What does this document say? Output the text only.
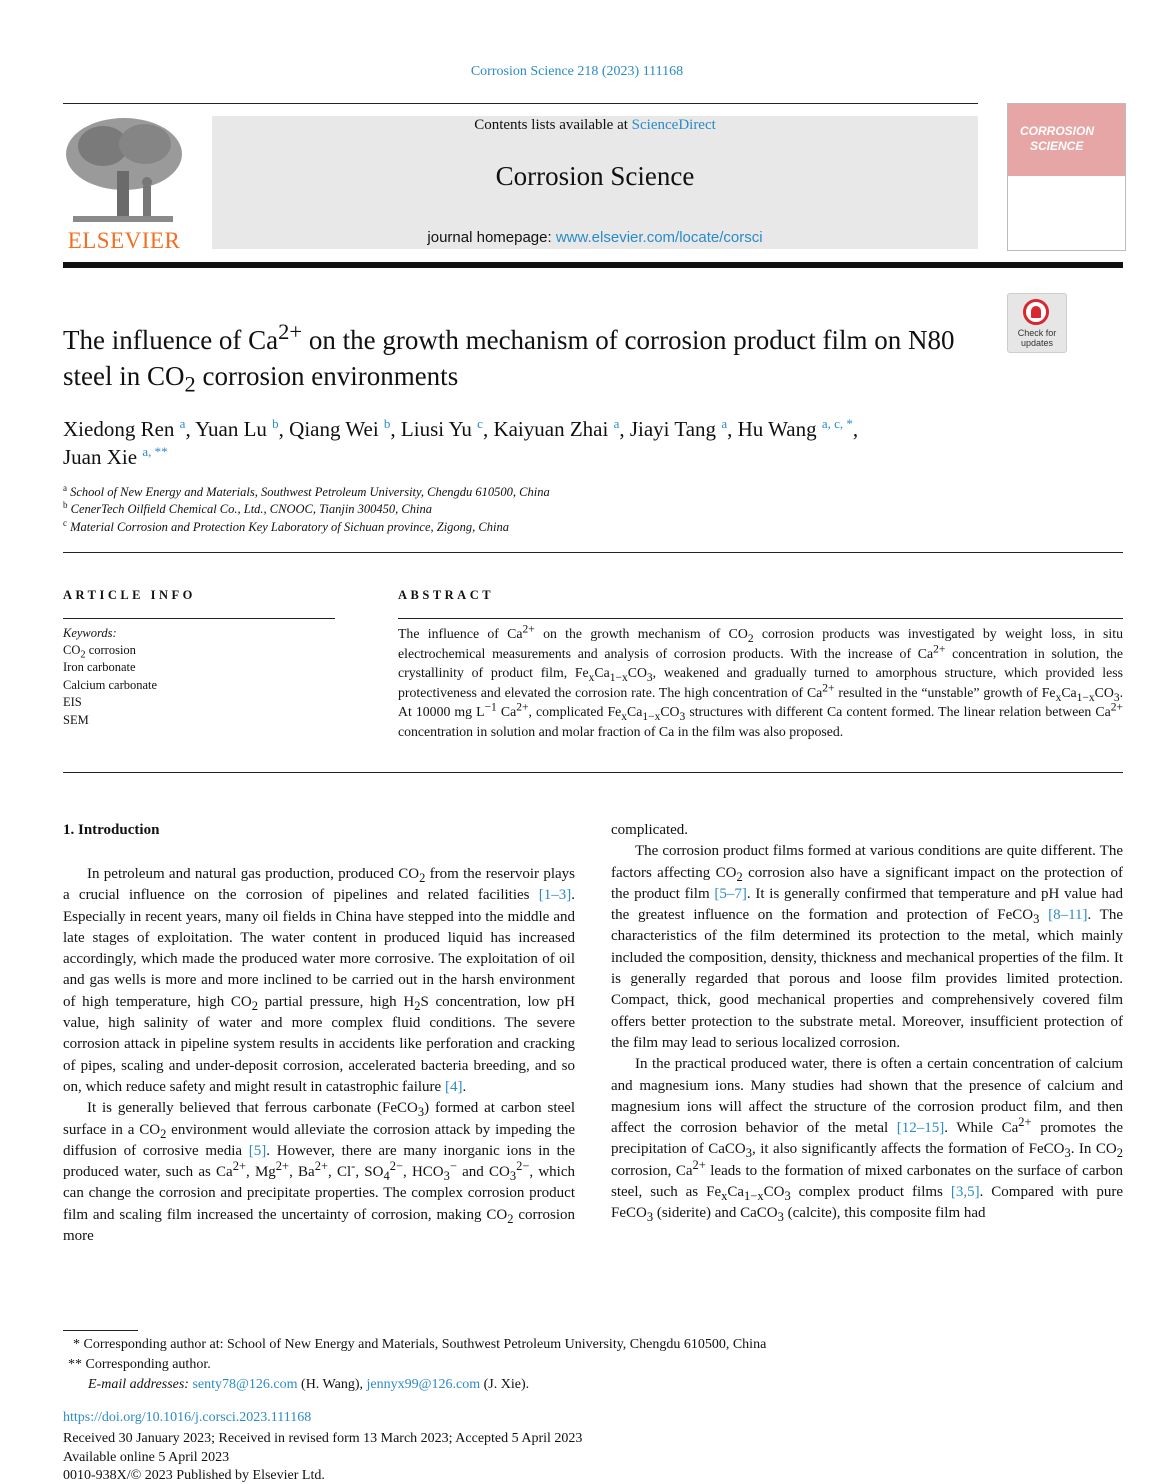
Corrosion Science 218 (2023) 111168
ELSEVIER
Contents lists available at ScienceDirect
Corrosion Science
journal homepage: www.elsevier.com/locate/corsci
CORROSION
SCIENCE
Check for
updates
The influence of $Ca^{2+}$ on the growth mechanism of corrosion product film on N80 steel in $CO_2$ corrosion environments
Xiedong Ren $^a$, Yuan Lu $^b$, Qiang Wei $^b$, Liusi Yu $^c$, Kaiyuan Zhai $^a$, Jiayi Tang $^a$, Hu Wang $^{a, c, *}$,
Juan Xie $^{a, **}$
$^a$ School of New Energy and Materials, Southwest Petroleum University, Chengdu 610500, China
$^b$ CenerTech Oilfield Chemical Co., Ltd., CNOOC, Tianjin 300450, China
$^c$ Material Corrosion and Protection Key Laboratory of Sichuan province, Zigong, China
ARTICLE INFO	ABSTRACT
Keywords:
$CO_2$ corrosion
Iron carbonate
Calcium carbonate
EIS
SEM
The influence of $Ca^{2+}$ on the growth mechanism of $CO_2$ corrosion products was investigated by weight loss, in situ electrochemical measurements and analysis of corrosion products. With the increase of $Ca^{2+}$ concentration in solution, the crystallinity of product film, $Fe_xCa_{1-x}CO_3$, weakened and gradually turned to amorphous structure, which provided less protectiveness and elevated the corrosion rate. The high concentration of $Ca^{2+}$ resulted in the “unstable” growth of $Fe_xCa_{1-x}CO_3$. At 10000 mg $L^{-1}$ $Ca^{2+}$, complicated $Fe_xCa_{1-x}CO_3$ structures with different Ca content formed. The linear relation between $Ca^{2+}$ concentration in solution and molar fraction of Ca in the film was also proposed.
1. Introduction

In petroleum and natural gas production, produced $CO_2$ from the reservoir plays a crucial influence on the corrosion of pipelines and related facilities [1–3]. Especially in recent years, many oil fields in China have stepped into the middle and late stages of exploitation. The water content in produced liquid has increased accordingly, which made the produced water more corrosive. The exploitation of oil and gas wells is more and more inclined to be carried out in the harsh environment of high temperature, high $CO_2$ partial pressure, high $H_2S$ concentration, low pH value, high salinity of water and more complex fluid conditions. The severe corrosion attack in pipeline system results in accidents like perforation and cracking of pipes, scaling and under-deposit corrosion, accelerated bacteria breeding, and so on, which reduce safety and might result in catastrophic failure [4].

It is generally believed that ferrous carbonate (FeCO$_3$) formed at carbon steel surface in a $CO_2$ environment would alleviate the corrosion attack by impeding the diffusion of corrosive media [5]. However, there are many inorganic ions in the produced water, such as $Ca^{2+}$, $Mg^{2+}$, $Ba^{2+}$, Cl-, $SO_4^{2-}$, $HCO_3^-$ and $CO_3^{2-}$, which can change the corrosion and precipitate properties. The complex corrosion product film and scaling film increased the uncertainty of corrosion, making $CO_2$ corrosion more

complicated.

The corrosion product films formed at various conditions are quite different. The factors affecting $CO_2$ corrosion also have a significant impact on the protection of the product film [5–7]. It is generally confirmed that temperature and pH value had the greatest influence on the formation and protection of FeCO$_3$ [8–11]. The characteristics of the film determined its protection to the metal, which mainly included the composition, density, thickness and mechanical properties of the film. It is generally regarded that porous and loose film provides limited protection. Compact, thick, good mechanical properties and comprehensively covered film offers better protection to the substrate metal. Moreover, insufficient protection of the film may lead to serious localized corrosion.

In the practical produced water, there is often a certain concentration of calcium and magnesium ions. Many studies had shown that the presence of calcium and magnesium ions will affect the structure of the corrosion product film, and then affect the corrosion behavior of the metal [12–15]. While $Ca^{2+}$ promotes the precipitation of CaCO$_3$, it also significantly affects the formation of FeCO$_3$. In $CO_2$ corrosion, $Ca^{2+}$ leads to the formation of mixed carbonates on the surface of carbon steel, such as $Fe_xCa_{1-x}CO_3$ complex product films [3,5]. Compared with pure FeCO$_3$ (siderite) and CaCO$_3$ (calcite), this composite film had

* Corresponding author at: School of New Energy and Materials, Southwest Petroleum University, Chengdu 610500, China
** Corresponding author.
E-mail addresses: senty78@126.com (H. Wang), jennyx99@126.com (J. Xie).
https://doi.org/10.1016/j.corsci.2023.111168
Received 30 January 2023; Received in revised form 13 March 2023; Accepted 5 April 2023
Available online 5 April 2023
0010-938X/© 2023 Published by Elsevier Ltd.
